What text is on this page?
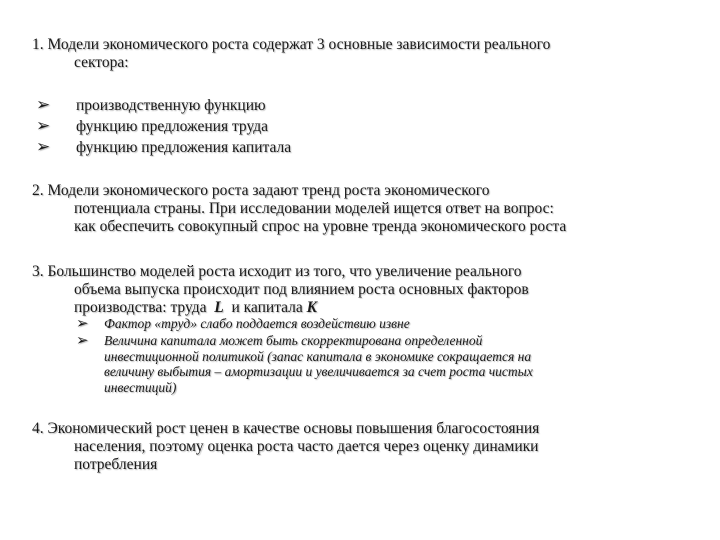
1. Модели экономического роста содержат 3 основные зависимости реального
сектора:
➢ производственную функцию
➢ функцию предложения труда
➢ функцию предложения капитала
2. Модели экономического роста задают тренд роста экономического
потенциала страны. При исследовании моделей ищется ответ на вопрос:
как обеспечить совокупный спрос на уровне тренда экономического роста
3. Большинство моделей роста исходит из того, что увеличение реального
объема выпуска происходит под влиянием роста основных факторов
производства: труда L и капитала K
➢	Фактор «труд» слабо поддается воздействию извне
➢	Величина капитала может быть скорректирована определенной
инвестиционной политикой (запас капитала в экономике сокращается на
величину выбытия – амортизации и увеличивается за счет роста чистых
инвестиций)
4. Экономический рост ценен в качестве основы повышения благосостояния
населения, поэтому оценка роста часто дается через оценку динамики
потребления
